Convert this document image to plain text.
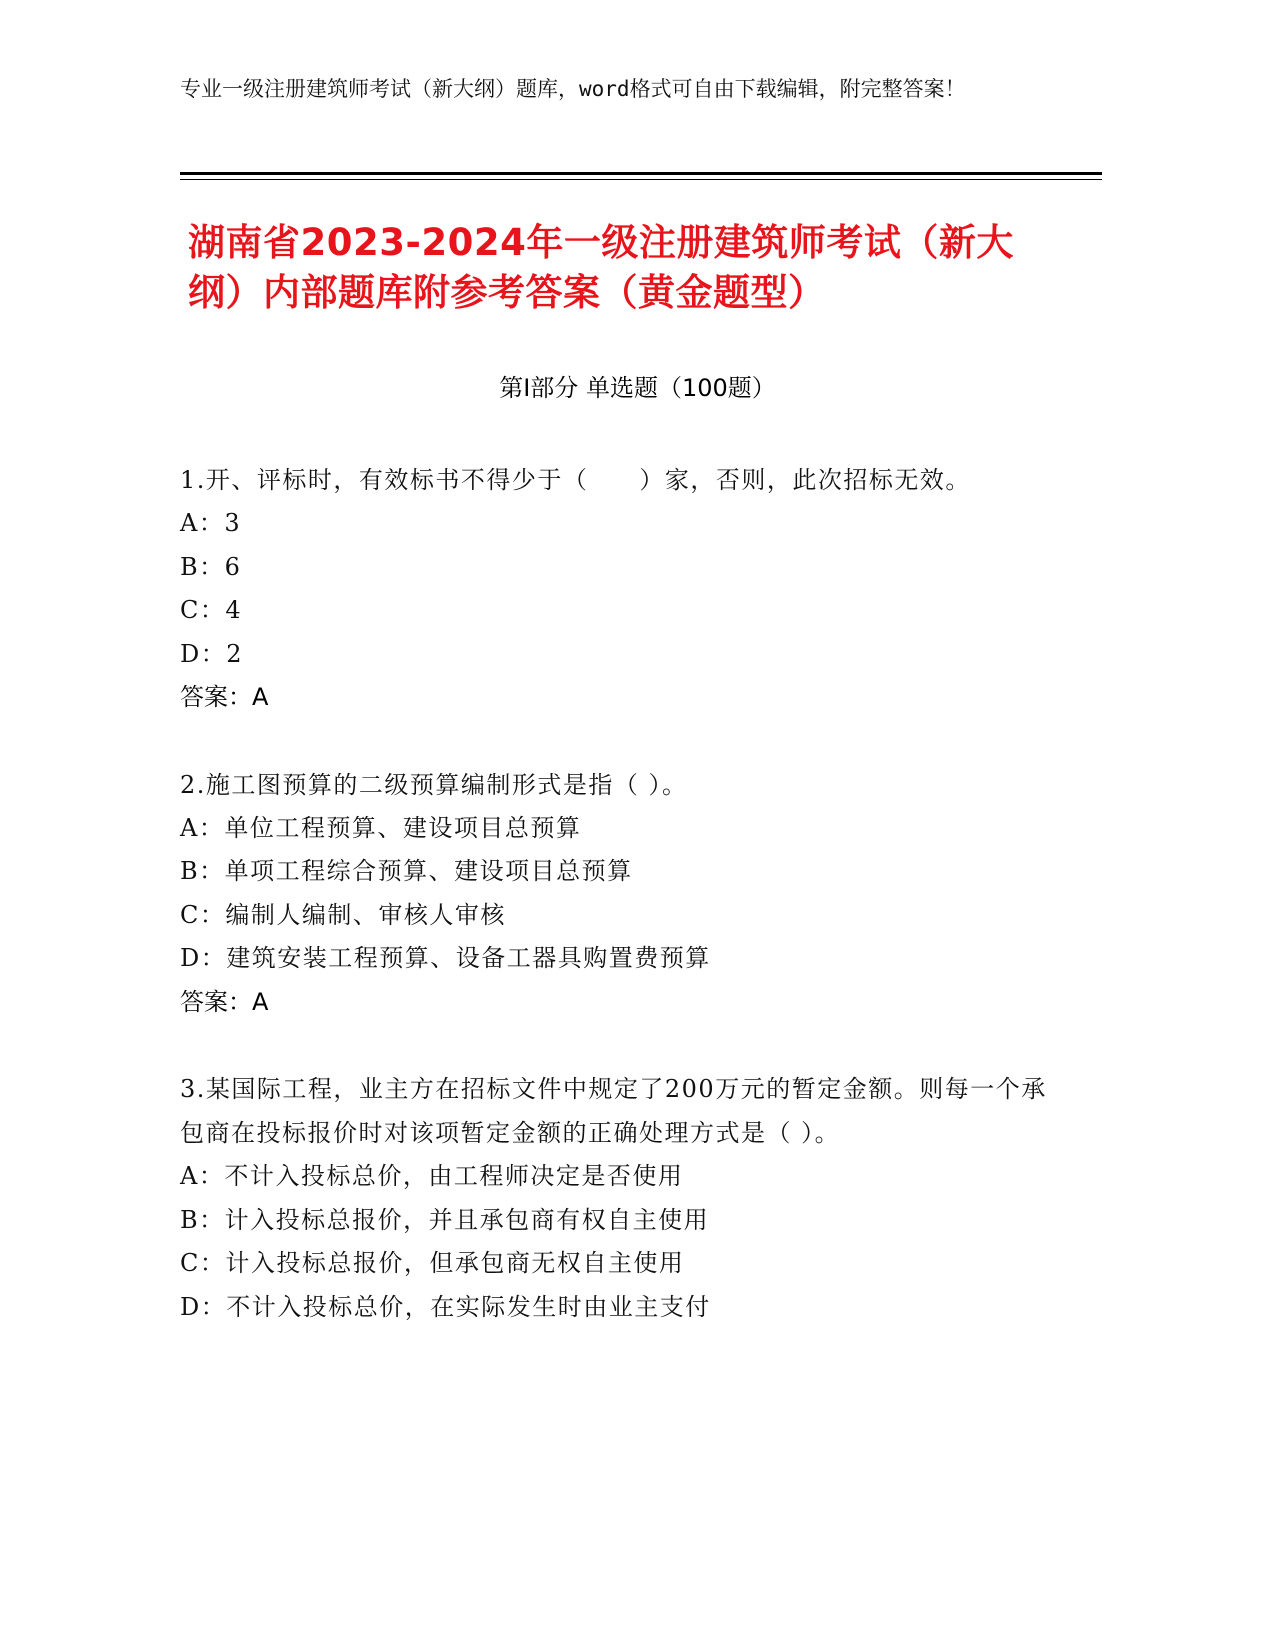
专业一级注册建筑师考试（新大纲）题库，word格式可自由下载编辑，附完整答案！
湖南省2023-2024年一级注册建筑师考试（新大纲）内部题库附参考答案（黄金题型）
第Ⅰ部分 单选题（100题）

1.开、评标时，有效标书不得少于（　　）家，否则，此次招标无效。

A：3
B：6
C：4
D：2
答案：A

2.施工图预算的二级预算编制形式是指（ ）。

A：单位工程预算、建设项目总预算
B：单项工程综合预算、建设项目总预算
C：编制人编制、审核人审核
D：建筑安装工程预算、设备工器具购置费预算
答案：A

3.某国际工程，业主方在招标文件中规定了200万元的暂定金额。则每一个承包商在投标报价时对该项暂定金额的正确处理方式是（ ）。

A：不计入投标总价，由工程师决定是否使用
B：计入投标总报价，并且承包商有权自主使用
C：计入投标总报价，但承包商无权自主使用
D：不计入投标总价，在实际发生时由业主支付
